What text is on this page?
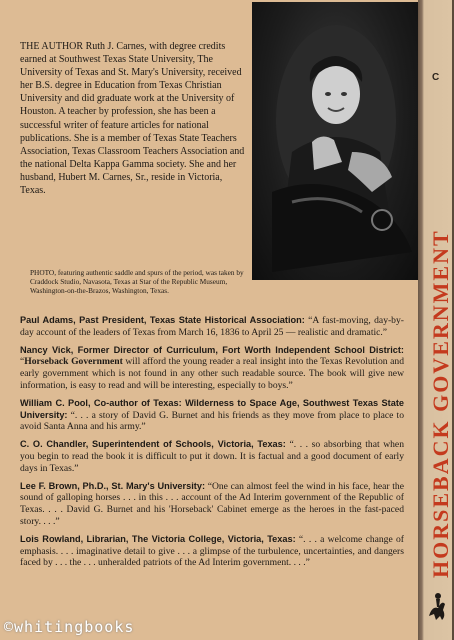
THE AUTHOR Ruth J. Carnes, with degree credits earned at Southwest Texas State University, The University of Texas and St. Mary's University, received her B.S. degree in Education from Texas Christian University and did graduate work at the University of Houston. A teacher by profession, she has been a successful writer of feature articles for national publications. She is a member of Texas State Teachers Association, Texas Classroom Teachers Association and the national Delta Kappa Gamma society. She and her husband, Hubert M. Carnes, Sr., reside in Victoria, Texas.

PHOTO, featuring authentic saddle and spurs of the period, was taken by Craddock Studio, Navasota, Texas at Star of the Republic Museum, Washington-on-the-Brazos, Washington, Texas.

Paul Adams, Past President, Texas State Historical Association: “A fast-moving, day-by-day account of the leaders of Texas from March 16, 1836 to April 25 — realistic and dramatic.”

Nancy Vick, Former Director of Curriculum, Fort Worth Independent School District: “Horseback Government will afford the young reader a real insight into the Texas Revolution and early government which is not found in any other such readable source. The book will give new information, is easy to read and will be interesting, especially to boys.”

William C. Pool, Co-author of Texas: Wilderness to Space Age, Southwest Texas State University: “. . . a story of David G. Burnet and his friends as they move from place to place to avoid Santa Anna and his army.”

C. O. Chandler, Superintendent of Schools, Victoria, Texas: “. . . so absorbing that when you begin to read the book it is difficult to put it down. It is factual and a good document of early days in Texas.”

Lee F. Brown, Ph.D., St. Mary's University: “One can almost feel the wind in his face, hear the sound of galloping horses . . . in this . . . account of the Ad Interim government of the Republic of Texas. . . . David G. Burnet and his 'Horseback' Cabinet emerge as the heroes in the fast-paced story. . . .”

Lois Rowland, Librarian, The Victoria College, Victoria, Texas: “. . . a welcome change of emphasis. . . . imaginative detail to give . . . a glimpse of the turbulence, uncertainties, and dangers faced by . . . the . . . unheralded patriots of the Ad Interim government. . . .”

C
HORSEBACK GOVERNMENT
©whitingbooks
